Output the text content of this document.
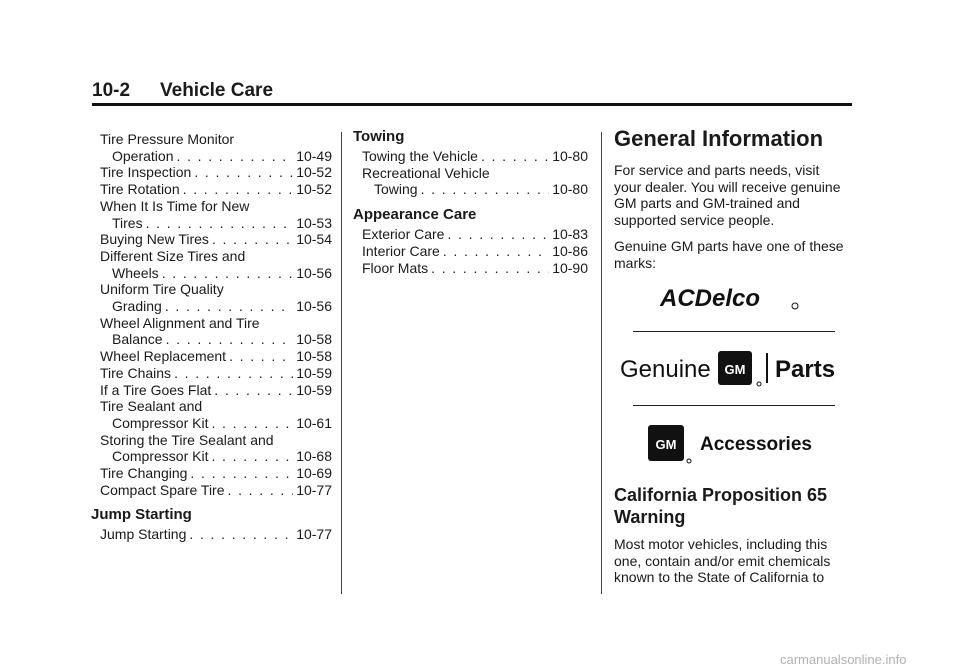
10-2 Vehicle Care
Tire Pressure Monitor
Operation . . .	10-49
Tire Inspection . . .	10-52
Tire Rotation . . .	10-52
When It Is Time for New
Tires . . .	10-53
Buying New Tires . . .	10-54
Different Size Tires and
Wheels . . .	10-56
Uniform Tire Quality
Grading . . .	10-56
Wheel Alignment and Tire
Balance . . .	10-58
Wheel Replacement . . .	10-58
Tire Chains . . .	10-59
If a Tire Goes Flat . . .	10-59
Tire Sealant and
Compressor Kit . . .	10-61
Storing the Tire Sealant and
Compressor Kit . . .	10-68
Tire Changing . . .	10-69
Compact Spare Tire . . .	10-77
Jump Starting
Jump Starting . . .	10-77
Towing
Towing the Vehicle . . .	10-80
Recreational Vehicle
Towing . . .	10-80
Appearance Care
Exterior Care . . .	10-83
Interior Care . . .	10-86
Floor Mats . . .	10-90
General Information

For service and parts needs, visit your dealer. You will receive genuine GM parts and GM-trained and supported service people.

Genuine GM parts have one of these marks:

ACDelco
Genuine GM Parts
GM Accessories
California Proposition 65 Warning

Most motor vehicles, including this one, contain and/or emit chemicals known to the State of California to

carmanualsonline.info
